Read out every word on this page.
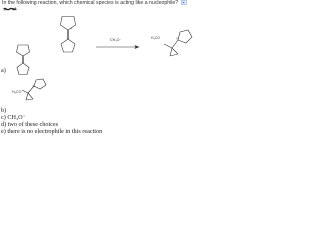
In the following reaction, which chemical species is acting like a nucleophile?
+
CH₃O⁻	H₃CO	N
a)
N
H₃CO
b)
c) CH₃O⁻
d) two of these choices
e) there is no electrophile in this reaction
